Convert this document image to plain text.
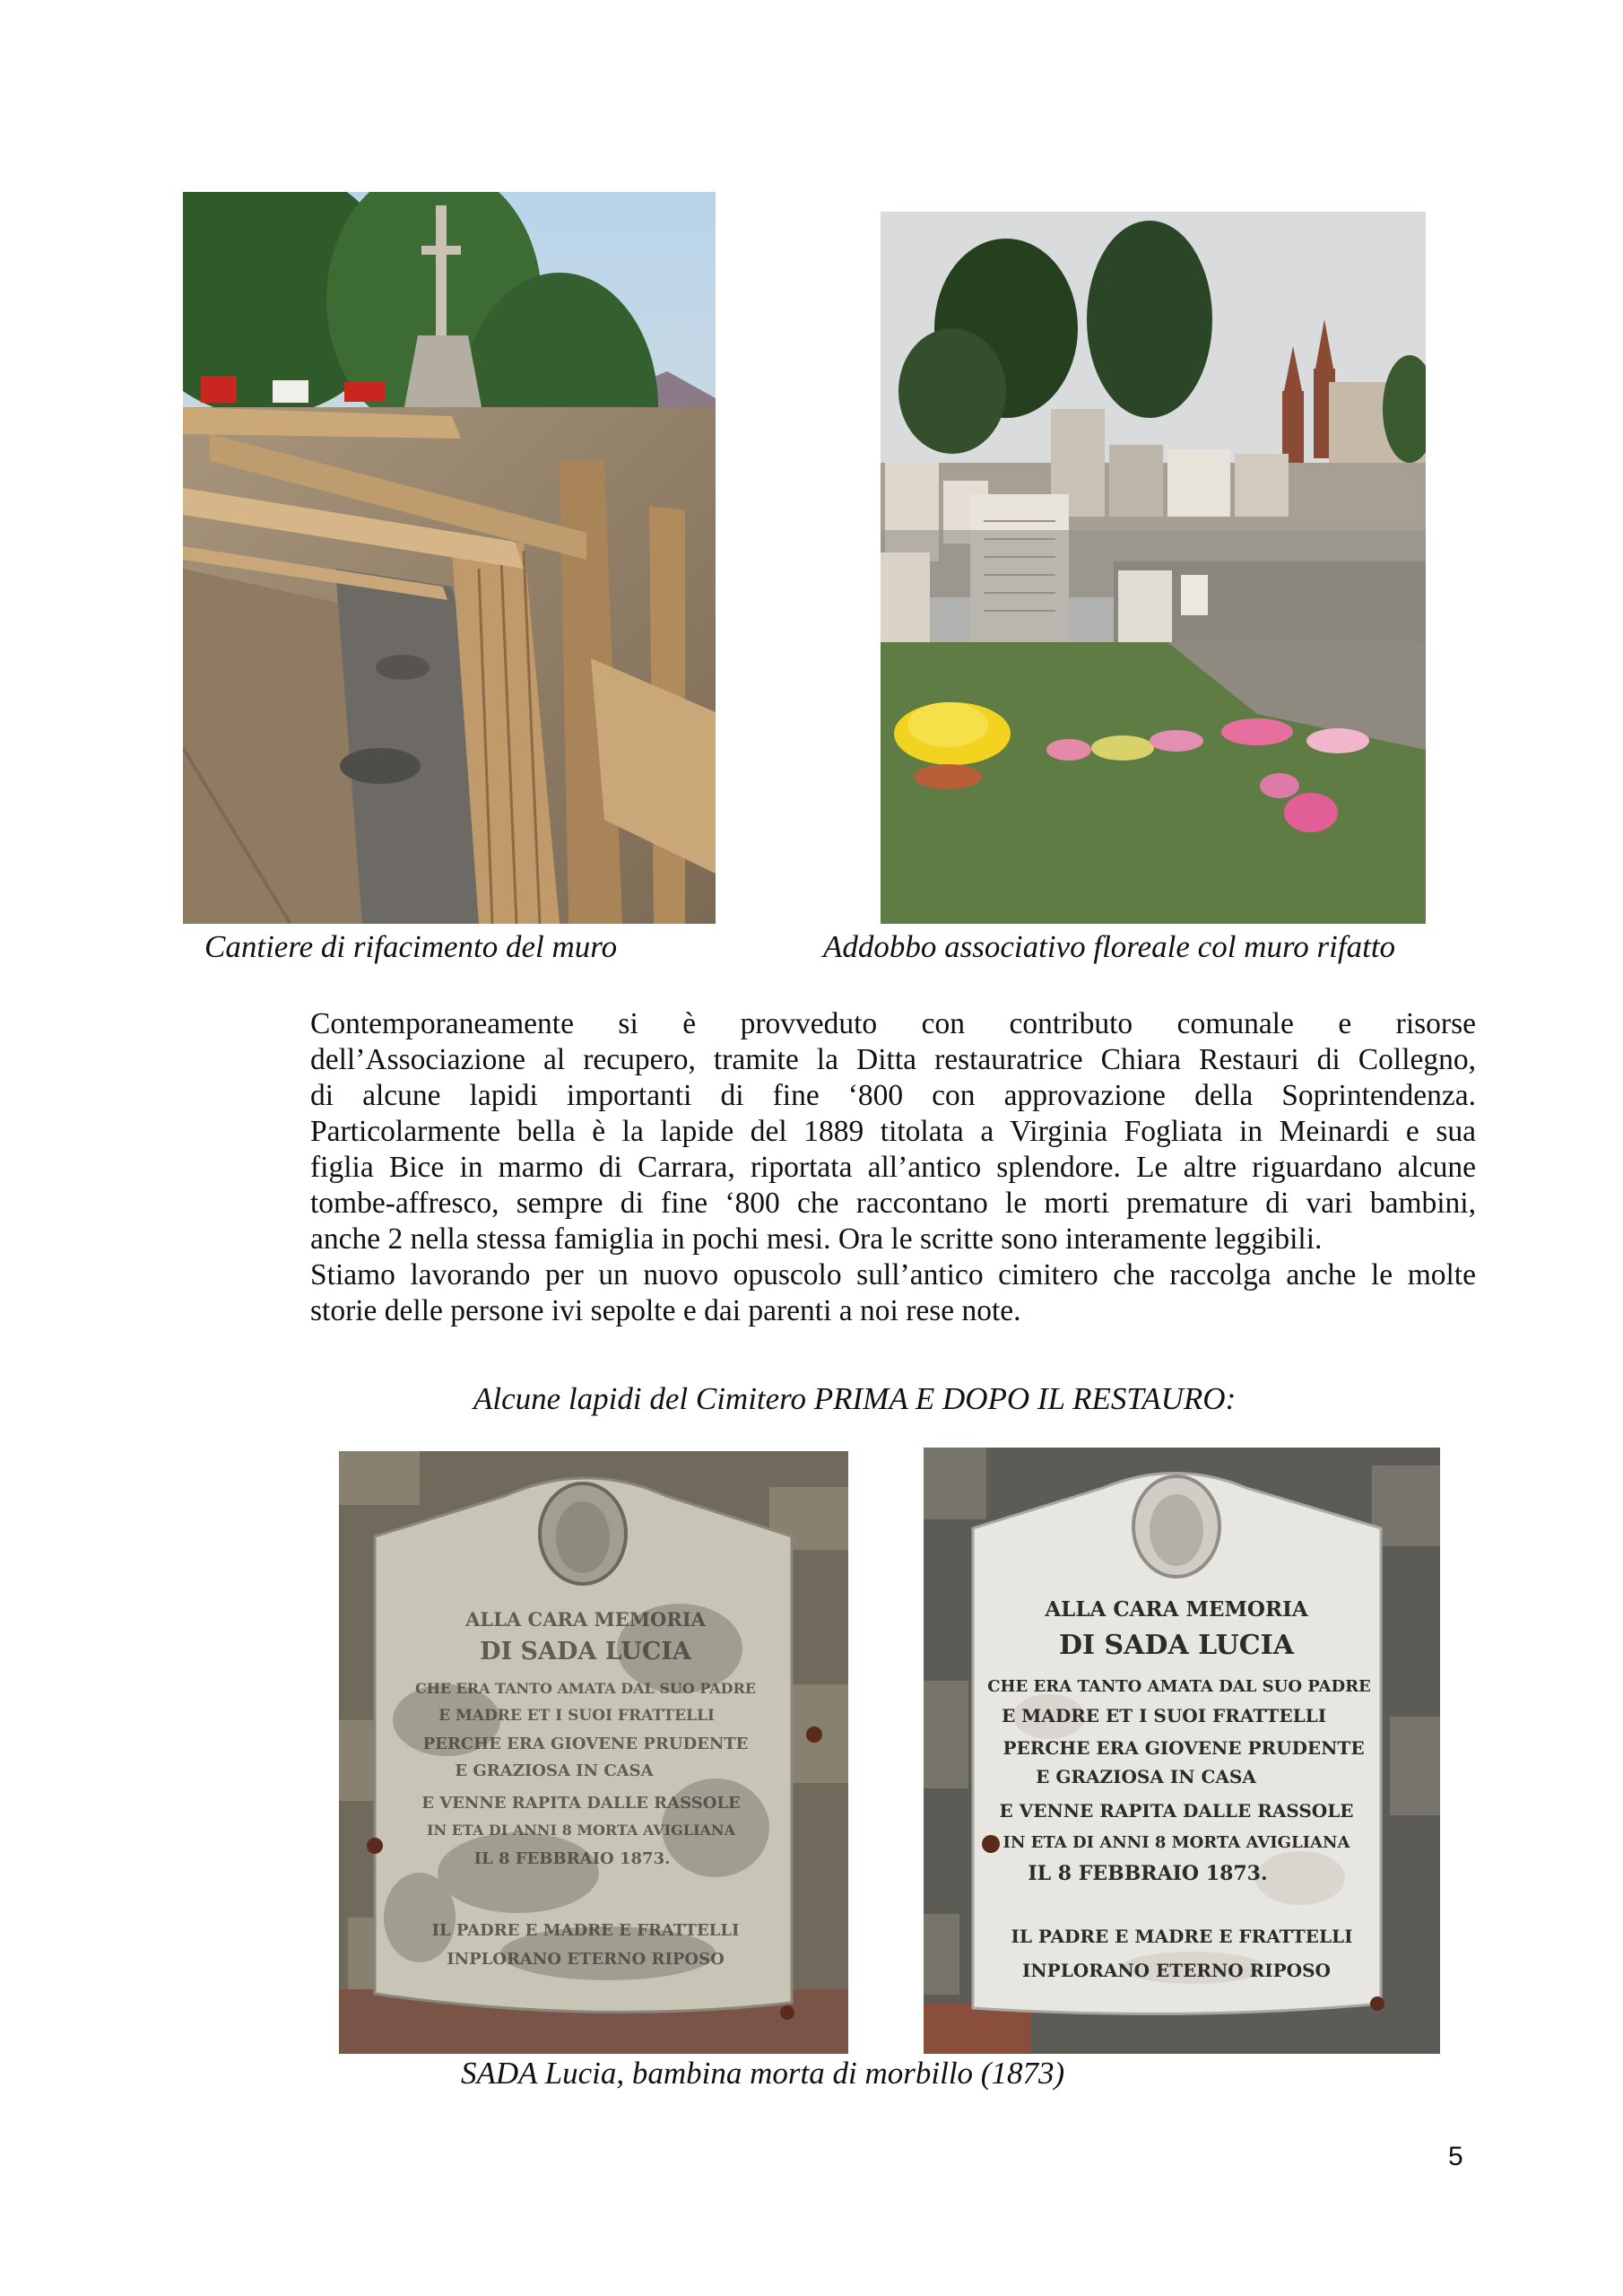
Cantiere di rifacimento del muro	Addobbo associativo floreale col muro rifatto
Contemporaneamente si è provveduto con contributo comunale e risorse
dell’Associazione al recupero, tramite la Ditta restauratrice Chiara Restauri di Collegno,
di alcune lapidi importanti di fine ‘800 con approvazione della Soprintendenza.
Particolarmente bella è la lapide del 1889 titolata a Virginia Fogliata in Meinardi e sua
figlia Bice in marmo di Carrara, riportata all’antico splendore. Le altre riguardano alcune
tombe-affresco, sempre di fine ‘800 che raccontano le morti premature di vari bambini,
anche 2 nella stessa famiglia in pochi mesi. Ora le scritte sono interamente leggibili.
Stiamo lavorando per un nuovo opuscolo sull’antico cimitero che raccolga anche le molte
storie delle persone ivi sepolte e dai parenti a noi rese note.
Alcune lapidi del Cimitero PRIMA E DOPO IL RESTAURO:
ALLA CARA MEMORIA
DI SADA LUCIA
CHE ERA TANTO AMATA DAL SUO PADRE
E MADRE ET I SUOI FRATTELLI
PERCHE ERA GIOVENE PRUDENTE
E GRAZIOSA IN CASA
E VENNE RAPITA DALLE RASSOLE
IN ETA DI ANNI 8 MORTA AVIGLIANA
IL 8 FEBBRAIO 1873.
IL PADRE E MADRE E FRATTELLI
INPLORANO ETERNO RIPOSO
ALLA CARA MEMORIA
DI SADA LUCIA
CHE ERA TANTO AMATA DAL SUO PADRE
E MADRE ET I SUOI FRATTELLI
PERCHE ERA GIOVENE PRUDENTE
E GRAZIOSA IN CASA
E VENNE RAPITA DALLE RASSOLE
IN ETA DI ANNI 8 MORTA AVIGLIANA
IL 8 FEBBRAIO 1873.
IL PADRE E MADRE E FRATTELLI
INPLORANO ETERNO RIPOSO
SADA Lucia, bambina morta di morbillo (1873)
5
